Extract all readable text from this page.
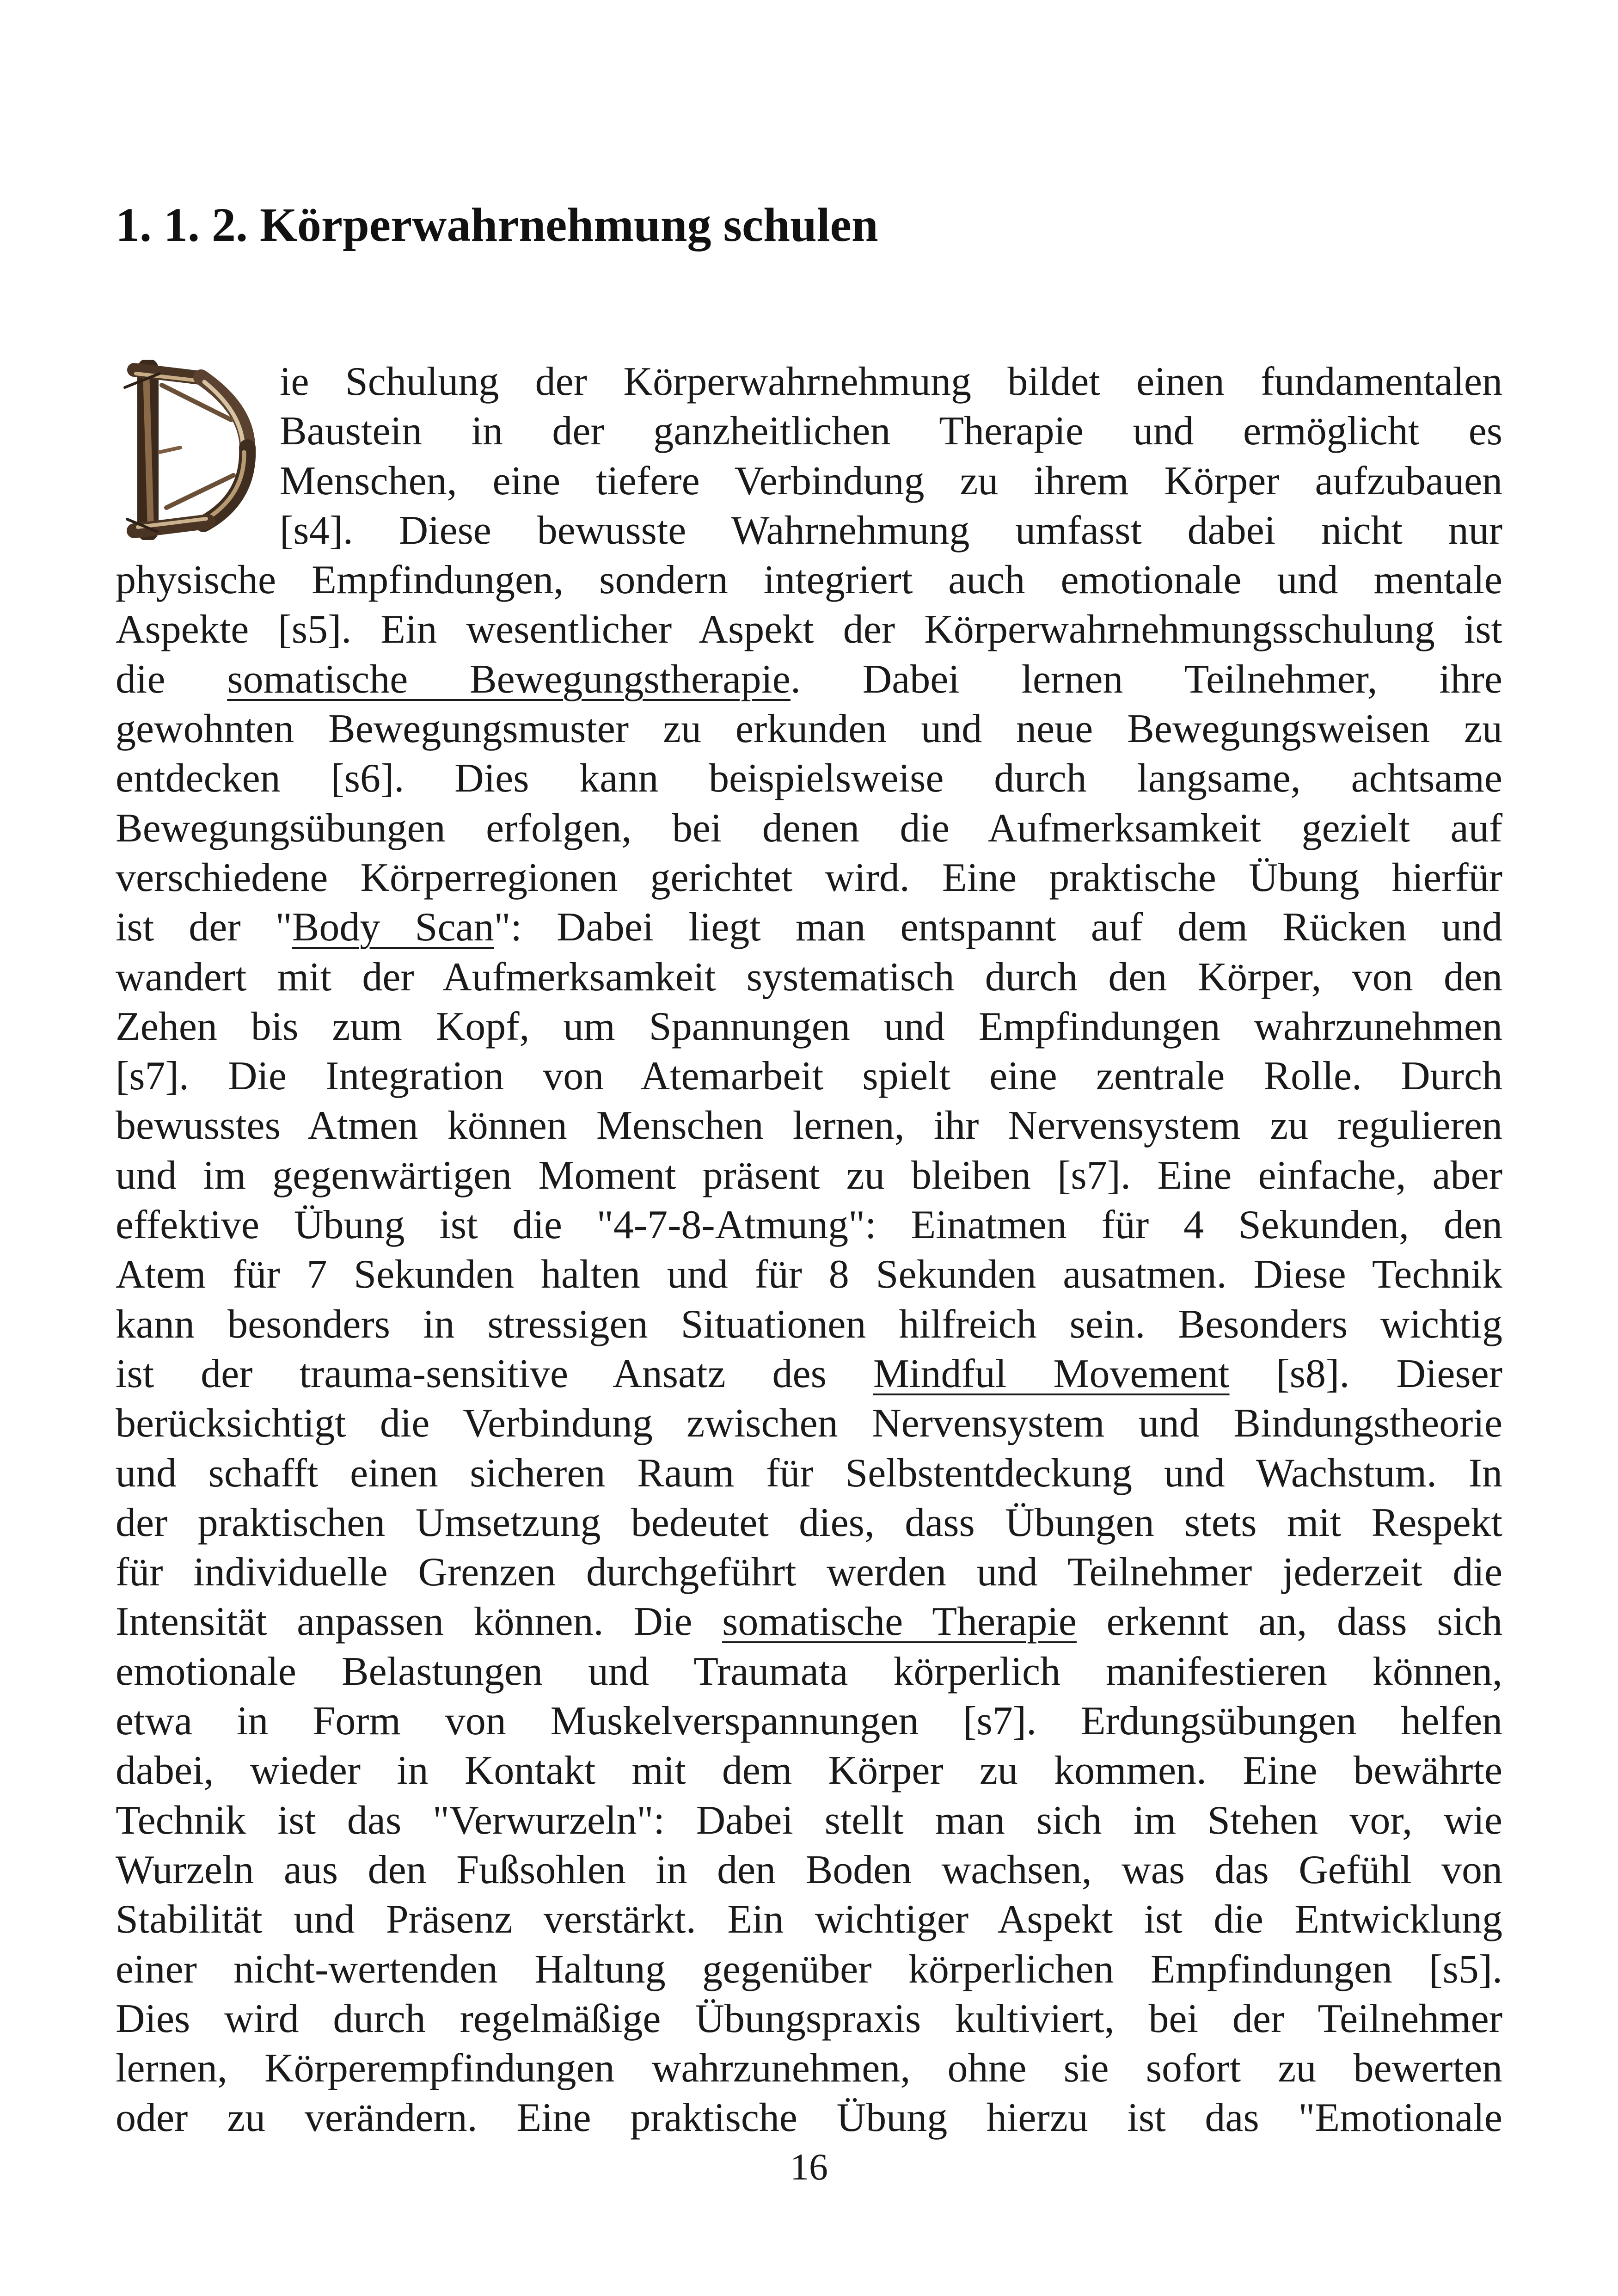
1. 1. 2. Körperwahrnehmung schulen
ie Schulung der Körperwahrnehmung bildet einen fundamentalen
Baustein in der ganzheitlichen Therapie und ermöglicht es
Menschen, eine tiefere Verbindung zu ihrem Körper aufzubauen
[s4]. Diese bewusste Wahrnehmung umfasst dabei nicht nur
physische Empfindungen, sondern integriert auch emotionale und mentale
Aspekte [s5]. Ein wesentlicher Aspekt der Körperwahrnehmungsschulung ist
die somatische Bewegungstherapie. Dabei lernen Teilnehmer, ihre
gewohnten Bewegungsmuster zu erkunden und neue Bewegungsweisen zu
entdecken [s6]. Dies kann beispielsweise durch langsame, achtsame
Bewegungsübungen erfolgen, bei denen die Aufmerksamkeit gezielt auf
verschiedene Körperregionen gerichtet wird. Eine praktische Übung hierfür
ist der "Body Scan": Dabei liegt man entspannt auf dem Rücken und
wandert mit der Aufmerksamkeit systematisch durch den Körper, von den
Zehen bis zum Kopf, um Spannungen und Empfindungen wahrzunehmen
[s7]. Die Integration von Atemarbeit spielt eine zentrale Rolle. Durch
bewusstes Atmen können Menschen lernen, ihr Nervensystem zu regulieren
und im gegenwärtigen Moment präsent zu bleiben [s7]. Eine einfache, aber
effektive Übung ist die "4-7-8-Atmung": Einatmen für 4 Sekunden, den
Atem für 7 Sekunden halten und für 8 Sekunden ausatmen. Diese Technik
kann besonders in stressigen Situationen hilfreich sein. Besonders wichtig
ist der trauma-sensitive Ansatz des Mindful Movement [s8]. Dieser
berücksichtigt die Verbindung zwischen Nervensystem und Bindungstheorie
und schafft einen sicheren Raum für Selbstentdeckung und Wachstum. In
der praktischen Umsetzung bedeutet dies, dass Übungen stets mit Respekt
für individuelle Grenzen durchgeführt werden und Teilnehmer jederzeit die
Intensität anpassen können. Die somatische Therapie erkennt an, dass sich
emotionale Belastungen und Traumata körperlich manifestieren können,
etwa in Form von Muskelverspannungen [s7]. Erdungsübungen helfen
dabei, wieder in Kontakt mit dem Körper zu kommen. Eine bewährte
Technik ist das "Verwurzeln": Dabei stellt man sich im Stehen vor, wie
Wurzeln aus den Fußsohlen in den Boden wachsen, was das Gefühl von
Stabilität und Präsenz verstärkt. Ein wichtiger Aspekt ist die Entwicklung
einer nicht-wertenden Haltung gegenüber körperlichen Empfindungen [s5].
Dies wird durch regelmäßige Übungspraxis kultiviert, bei der Teilnehmer
lernen, Körperempfindungen wahrzunehmen, ohne sie sofort zu bewerten
oder zu verändern. Eine praktische Übung hierzu ist das "Emotionale
16
